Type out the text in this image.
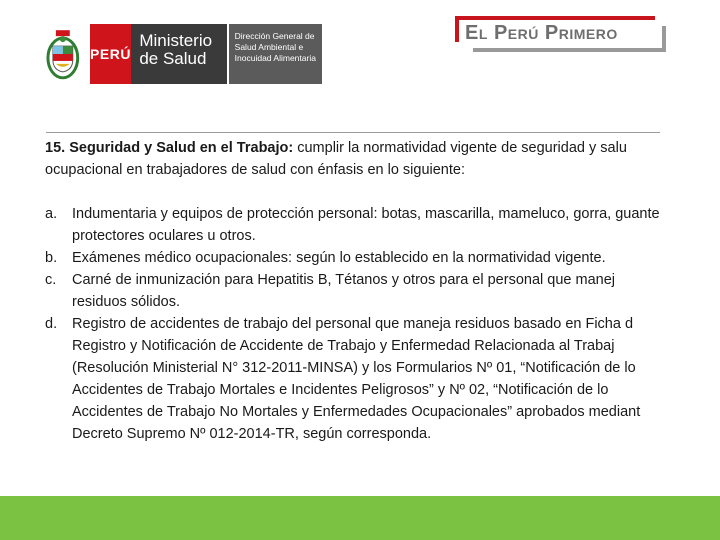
PERÚ
Ministerio
de Salud
Dirección General de
Salud Ambiental e
Inocuidad Alimentaria
El Perú Primero

15. Seguridad y Salud en el Trabajo: cumplir la normatividad vigente de seguridad y salu

ocupacional en trabajadores de salud con énfasis en lo siguiente:

a. Indumentaria y equipos de protección personal: botas, mascarilla, mameluco, gorra, guante
protectores oculares u otros.
b. Exámenes médico ocupacionales: según lo establecido en la normatividad vigente.
c. Carné de inmunización para Hepatitis B, Tétanos y otros para el personal que manej
residuos sólidos.
d. Registro de accidentes de trabajo del personal que maneja residuos basado en Ficha d
Registro y Notificación de Accidente de Trabajo y Enfermedad Relacionada al Trabaj
(Resolución Ministerial N° 312-2011-MINSA) y los Formularios Nº 01, “Notificación de lo
Accidentes de Trabajo Mortales e Incidentes Peligrosos” y Nº 02, “Notificación de lo
Accidentes de Trabajo No Mortales y Enfermedades Ocupacionales” aprobados mediant
Decreto Supremo Nº 012-2014-TR, según corresponda.
